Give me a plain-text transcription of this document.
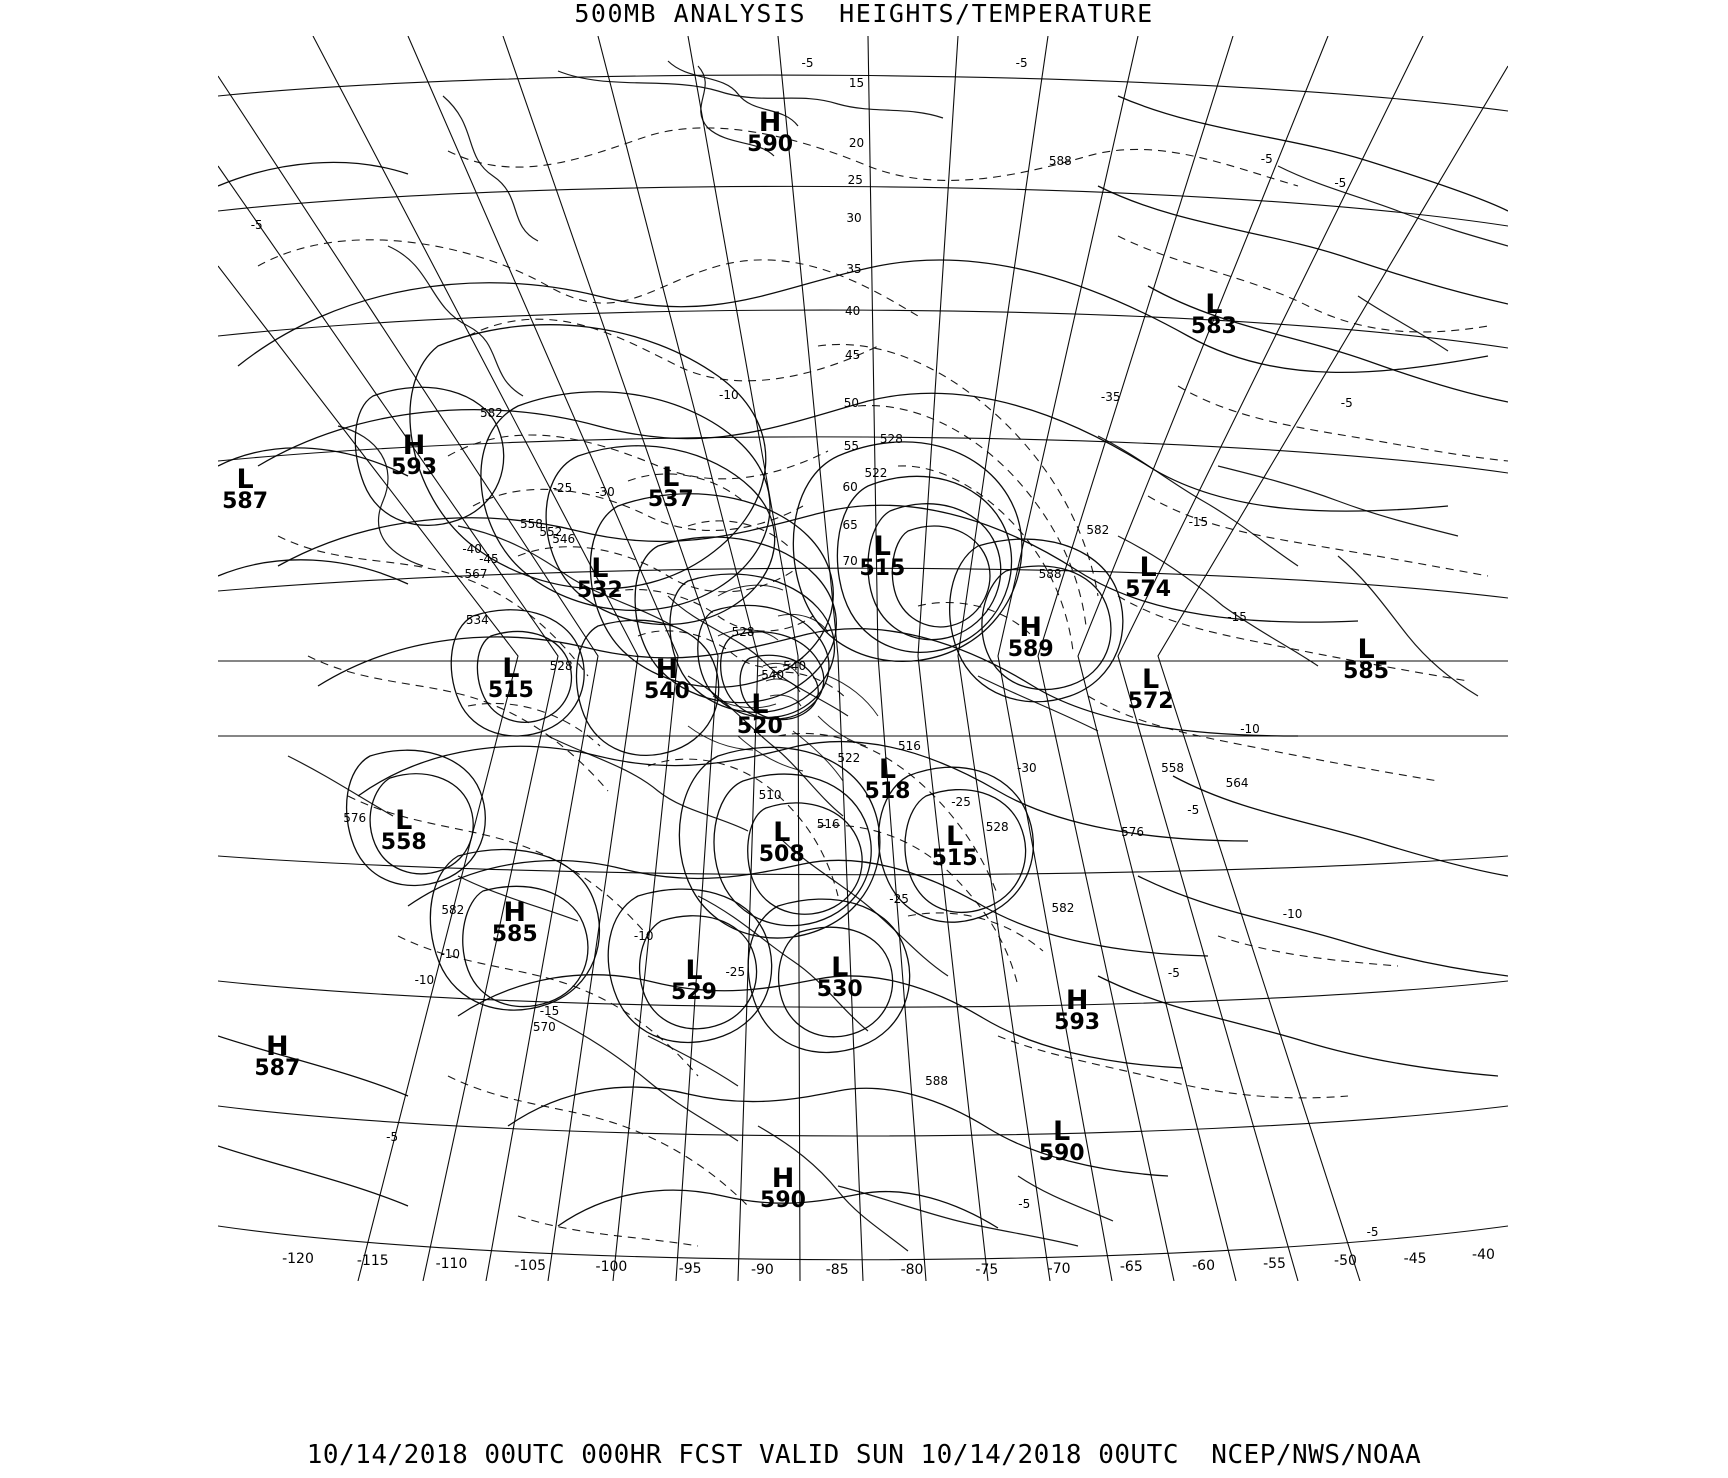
500MB ANALYSIS  HEIGHTS/TEMPERATURE
15
20
25
30
35
40
45
50
55
60
65
70
-120	-115	-110	-105	-100	-95	-90	-85	-80	-75	-70	-65	-60	-55	-50	-45	-40
588
582
528
522
558
546
552
567
534
528
582
588
540
528
540
522
516
558
564
528
576
582	582
576
570
588
516
510
-5	-5
-5
-5
-5
-5
-10
-25 -30
-35
-40
-45
-15
-15
-10
-30
-25
-5
-25
-10
-10
-25
-10
-15
-10
-5
-5
-5
-5
H
590
L
583
H
593
L
587
L
537
L
515
L
532
L
574
H
589
H
540
L
515	L
572
L
585
L
520
L
518
L
558	L
508
L
515
H
585
L
529
L
530	H
593
H
587
L
590
H
590
10/14/2018 00UTC 000HR FCST VALID SUN 10/14/2018 00UTC  NCEP/NWS/NOAA
